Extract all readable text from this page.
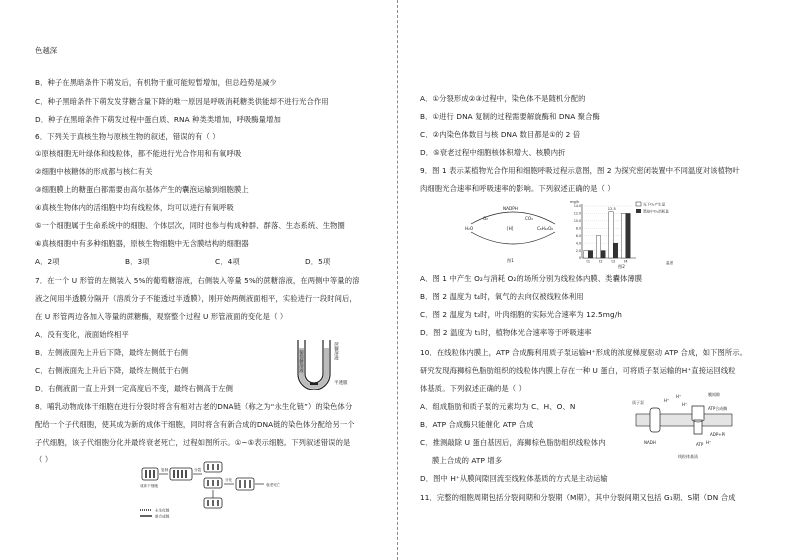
色越深
B．种子在黑暗条件下萌发后，有机物干重可能短暂增加，但总趋势是减少
C．种子黑暗条件下萌发发芽糖含量下降的唯一原因是呼吸消耗糖类供能却不进行光合作用
D．种子在黑暗条件下萌发过程中蛋白质、RNA 种类类增加，呼吸酶量增加
6．下列关于真核生物与原核生物的叙述，错误的有（ ）
①原核细胞无叶绿体和线粒体，都不能进行光合作用和有氧呼吸
②细胞中核糖体的形成都与核仁有关
③细胞膜上的糖蛋白都需要由高尔基体产生的囊泡运输到细胞膜上
④真核生物体内的活细胞中均有线粒体，均可以进行有氧呼吸
⑤一个细胞属于生命系统中的细胞、个体层次，同时也参与构成种群、群落、生态系统、生物圈
⑥真核细胞中有多种细胞器，原核生物细胞中无含膜结构的细胞器
A．2项	B．3项	C．4项	D．5项
7．在一个 U 形管的左侧装入 5%的葡萄糖溶液，右侧装入等量 5%的蔗糖溶液，在两侧中等量的溶
液之间用半透膜分隔开（溶质分子不能透过半透膜），刚开始两侧液面相平，实验进行一段时间后，
在 U 形管两边各加入等量的蔗糖酶，观察整个过程 U 形管液面的变化是（ ）
A．没有变化，液面始终相平
B．左侧液面先上升后下降，最终左侧低于右侧
C．右侧液面先上升后下降，最终左侧低于右侧
D．右侧液面一直上升到一定高度后不变，最终右侧高于左侧
葡萄糖溶液	蔗糖溶液
半透膜
8．哺乳动物成体干细胞在进行分裂时将含有相对古老的DNA链（称之为“永生化链”）的染色体分
配给一个子代细胞，使其成为新的成体干细胞，同时将含有新合成的DNA链的染色体分配给另一个
子代细胞，该子代细胞分化并最终衰老死亡，过程如图所示。①~⑤表示细胞。下列叙述错误的是
（ ）
复制	分裂
分化
衰老死亡
成体干细胞
永生化链
新合成链
A．①分裂形成②③过程中，染色体不是随机分配的
B．①进行 DNA 复制的过程需要解旋酶和 DNA 聚合酶
C．②内染色体数目与核 DNA 数目都是①的 2 倍
D．⑤衰老过程中细胞核体积增大、核膜内折
9．图 1 表示某植物光合作用和细胞呼吸过程示意图，图 2 为探究密闭装置中不同温度对该植物叶
肉细胞光合速率和呼吸速率的影响。下列叙述正确的是（ ）
NADPH
O₂
H₂O	[H]
CO₂
C₆H₁₂O₆
图1	0
2.0
4.0
6.0
8.0
10.0
12.0
14.0
t1	t2	t3	t4
光下O₂产生量
黑暗中O₂消耗量
12.5
mg/h
温度
图2
A．图 1 中产生 O₂与消耗 O₂的场所分别为线粒体内膜、类囊体薄膜
B．图 2 温度为 t₄时，氧气的去向仅被线粒体利用
C．图 2 温度为 t₃时，叶肉细胞的实际光合速率为 12.5mg/h
D．图 2 温度为 t₁时，植物体光合速率等于呼吸速率
10．在线粒体内膜上，ATP 合成酶利用质子泵运输H⁺形成的浓度梯度驱动 ATP 合成，如下图所示。
研究发现海狮棕色脂肪组织的线粒体内膜上存在一种 U 蛋白，可将质子泵运输的H⁺直接运回线粒
体基质。下列叙述正确的是（ ）
A．组成脂肪和质子泵的元素均为 C、H、O、N
B．ATP 合成酶只能催化 ATP 合成
C．推测敲除 U 蛋白基因后，海狮棕色脂肪组织线粒体内
膜上合成的 ATP 增多
D．图中 H⁺从膜间隙回流至线粒体基质的方式是主动运输
膜间隙
质子泵
ATP合成酶
ADP+Pi
NADH	ATP
线粒体基质
H⁺
H⁺
H⁺
H⁺
11．完整的细胞周期包括分裂间期和分裂期（M期），其中分裂间期又包括 G₁期、S期（DN 合成
